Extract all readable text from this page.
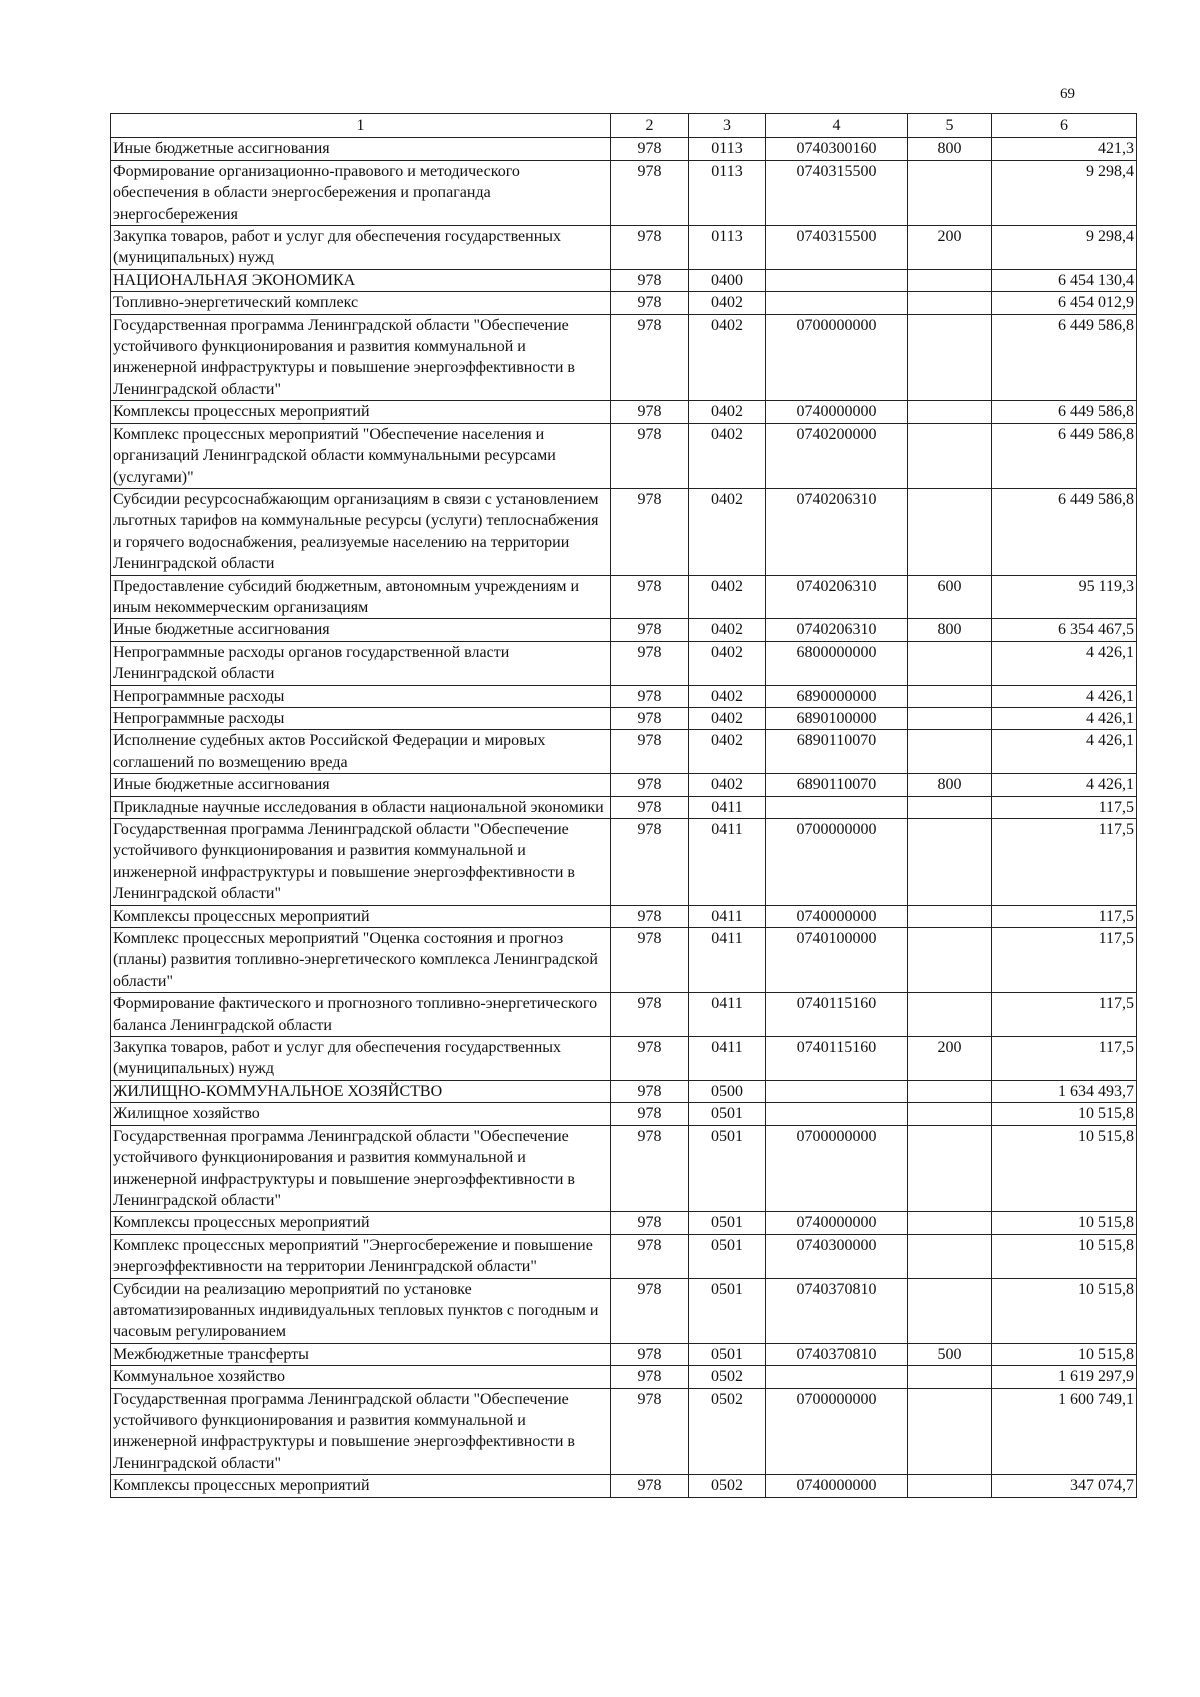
69
1	2	3	4	5	6
Иные бюджетные ассигнования	978	0113	0740300160	800	421,3
Формирование организационно-правового и методического обеспечения в области энергосбережения и пропаганда энергосбережения	978	0113	0740315500		9 298,4
Закупка товаров, работ и услуг для обеспечения государственных (муниципальных) нужд	978	0113	0740315500	200	9 298,4
НАЦИОНАЛЬНАЯ ЭКОНОМИКА	978	0400			6 454 130,4
Топливно-энергетический комплекс	978	0402			6 454 012,9
Государственная программа Ленинградской области "Обеспечение устойчивого функционирования и развития коммунальной и инженерной инфраструктуры и повышение энергоэффективности в Ленинградской области"	978	0402	0700000000		6 449 586,8
Комплексы процессных мероприятий	978	0402	0740000000		6 449 586,8
Комплекс процессных мероприятий "Обеспечение населения и организаций Ленинградской области коммунальными ресурсами (услугами)"	978	0402	0740200000		6 449 586,8
Субсидии ресурсоснабжающим организациям в связи с установлением льготных тарифов на коммунальные ресурсы (услуги) теплоснабжения и горячего водоснабжения, реализуемые населению на территории Ленинградской области	978	0402	0740206310		6 449 586,8
Предоставление субсидий бюджетным, автономным учреждениям и иным некоммерческим организациям	978	0402	0740206310	600	95 119,3
Иные бюджетные ассигнования	978	0402	0740206310	800	6 354 467,5
Непрограммные расходы органов государственной власти Ленинградской области	978	0402	6800000000		4 426,1
Непрограммные расходы	978	0402	6890000000		4 426,1
Непрограммные расходы	978	0402	6890100000		4 426,1
Исполнение судебных актов Российской Федерации и мировых соглашений по возмещению вреда	978	0402	6890110070		4 426,1
Иные бюджетные ассигнования	978	0402	6890110070	800	4 426,1
Прикладные научные исследования в области национальной экономики	978	0411			117,5
Государственная программа Ленинградской области "Обеспечение устойчивого функционирования и развития коммунальной и инженерной инфраструктуры и повышение энергоэффективности в Ленинградской области"	978	0411	0700000000		117,5
Комплексы процессных мероприятий	978	0411	0740000000		117,5
Комплекс процессных мероприятий "Оценка состояния и прогноз (планы) развития топливно-энергетического комплекса Ленинградской области"	978	0411	0740100000		117,5
Формирование фактического и прогнозного топливно-энергетического баланса Ленинградской области	978	0411	0740115160		117,5
Закупка товаров, работ и услуг для обеспечения государственных (муниципальных) нужд	978	0411	0740115160	200	117,5
ЖИЛИЩНО-КОММУНАЛЬНОЕ ХОЗЯЙСТВО	978	0500			1 634 493,7
Жилищное хозяйство	978	0501			10 515,8
Государственная программа Ленинградской области "Обеспечение устойчивого функционирования и развития коммунальной и инженерной инфраструктуры и повышение энергоэффективности в Ленинградской области"	978	0501	0700000000		10 515,8
Комплексы процессных мероприятий	978	0501	0740000000		10 515,8
Комплекс процессных мероприятий "Энергосбережение и повышение энергоэффективности на территории Ленинградской области"	978	0501	0740300000		10 515,8
Субсидии на реализацию мероприятий по установке автоматизированных индивидуальных тепловых пунктов с погодным и часовым регулированием	978	0501	0740370810		10 515,8
Межбюджетные трансферты	978	0501	0740370810	500	10 515,8
Коммунальное хозяйство	978	0502			1 619 297,9
Государственная программа Ленинградской области "Обеспечение устойчивого функционирования и развития коммунальной и инженерной инфраструктуры и повышение энергоэффективности в Ленинградской области"	978	0502	0700000000		1 600 749,1
Комплексы процессных мероприятий	978	0502	0740000000		347 074,7
